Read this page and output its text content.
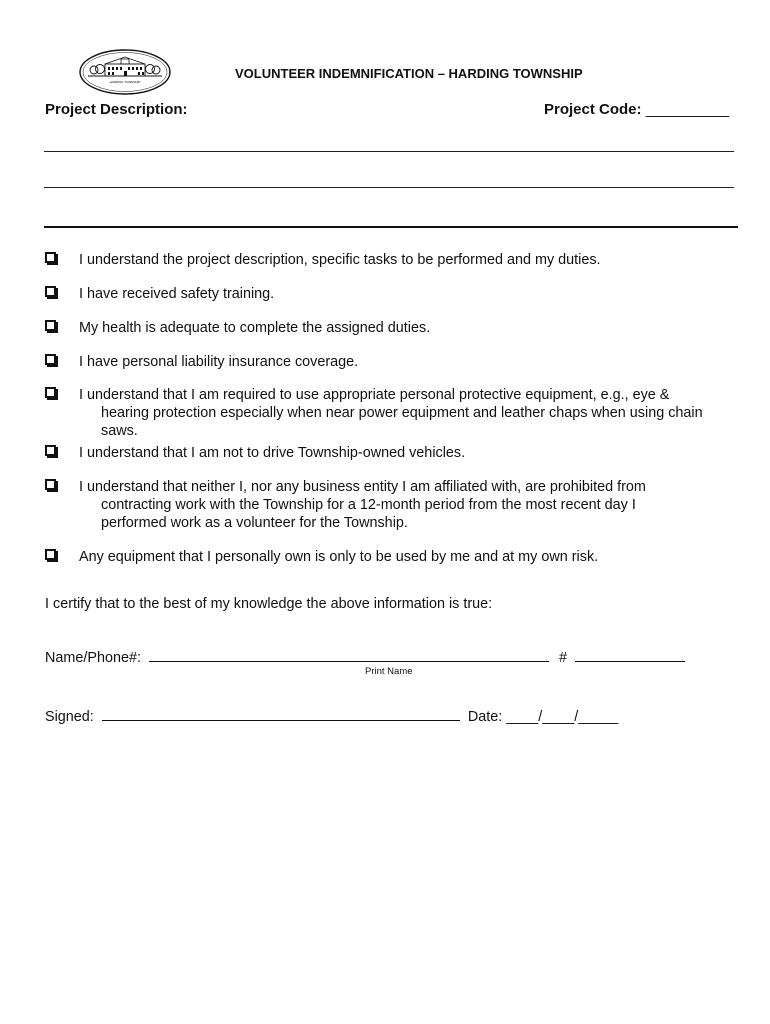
HARDING TOWNSHIP
VOLUNTEER INDEMNIFICATION – HARDING TOWNSHIP
Project Description:	Project Code: __________
I understand the project description, specific tasks to be performed and my duties.
I have received safety training.
My health is adequate to complete the assigned duties.
I have personal liability insurance coverage.
I understand that I am required to use appropriate personal protective equipment, e.g., eye &
hearing protection especially when near power equipment and leather chaps when using chain
saws.
I understand that I am not to drive Township-owned vehicles.
I understand that neither I, nor any business entity I am affiliated with, are prohibited from
contracting work with the Township for a 12-month period from the most recent day I
performed work as a volunteer for the Township.
Any equipment that I personally own is only to be used by me and at my own risk.
I certify that to the best of my knowledge the above information is true:
Name/Phone#:	#
Print Name
Signed:	Date: ____/____/_____
